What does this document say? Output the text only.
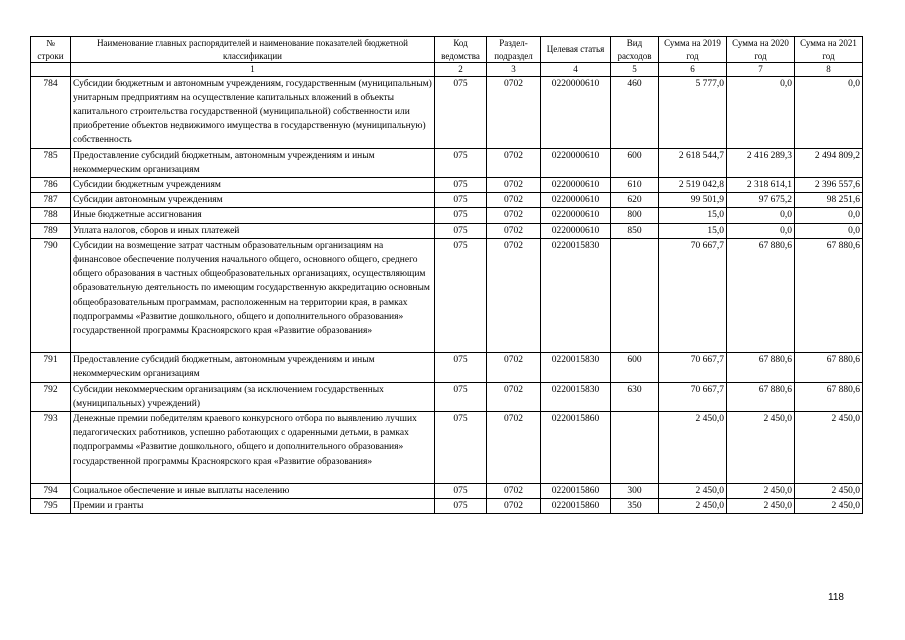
№ строки	Наименование главных распорядителей и наименование показателей бюджетной классификации	Код ведомства	Раздел-подраздел	Целевая статья	Вид расходов	Сумма на 2019 год	Сумма на 2020 год	Сумма на 2021 год
	1	2	3	4	5	6	7	8
784	Субсидии бюджетным и автономным учреждениям, государственным (муниципальным) унитарным предприятиям на осуществление капитальных вложений в объекты капитального строительства государственной (муниципальной) собственности или приобретение объектов недвижимого имущества в государственную (муниципальную) собственность	075	0702	0220000610	460	5 777,0	0,0	0,0
785	Предоставление субсидий бюджетным, автономным учреждениям и иным некоммерческим организациям	075	0702	0220000610	600	2 618 544,7	2 416 289,3	2 494 809,2
786	Субсидии бюджетным учреждениям	075	0702	0220000610	610	2 519 042,8	2 318 614,1	2 396 557,6
787	Субсидии автономным учреждениям	075	0702	0220000610	620	99 501,9	97 675,2	98 251,6
788	Иные бюджетные ассигнования	075	0702	0220000610	800	15,0	0,0	0,0
789	Уплата налогов, сборов и иных платежей	075	0702	0220000610	850	15,0	0,0	0,0
790	Субсидии на возмещение затрат частным образовательным организациям на финансовое обеспечение получения начального общего, основного общего, среднего общего образования в частных общеобразовательных организациях, осуществляющим образовательную деятельность по имеющим государственную аккредитацию основным общеобразовательным программам, расположенным на территории края, в рамках подпрограммы «Развитие дошкольного, общего и дополнительного образования» государственной программы Красноярского края «Развитие образования»	075	0702	0220015830		70 667,7	67 880,6	67 880,6
791	Предоставление субсидий бюджетным, автономным учреждениям и иным некоммерческим организациям	075	0702	0220015830	600	70 667,7	67 880,6	67 880,6
792	Субсидии некоммерческим организациям (за исключением государственных (муниципальных) учреждений)	075	0702	0220015830	630	70 667,7	67 880,6	67 880,6
793	Денежные премии победителям краевого конкурсного отбора по выявлению лучших педагогических работников, успешно работающих с одаренными детьми, в рамках подпрограммы «Развитие дошкольного, общего и дополнительного образования» государственной программы Красноярского края «Развитие образования»	075	0702	0220015860		2 450,0	2 450,0	2 450,0
794	Социальное обеспечение и иные выплаты населению	075	0702	0220015860	300	2 450,0	2 450,0	2 450,0
795	Премии и гранты	075	0702	0220015860	350	2 450,0	2 450,0	2 450,0
118
